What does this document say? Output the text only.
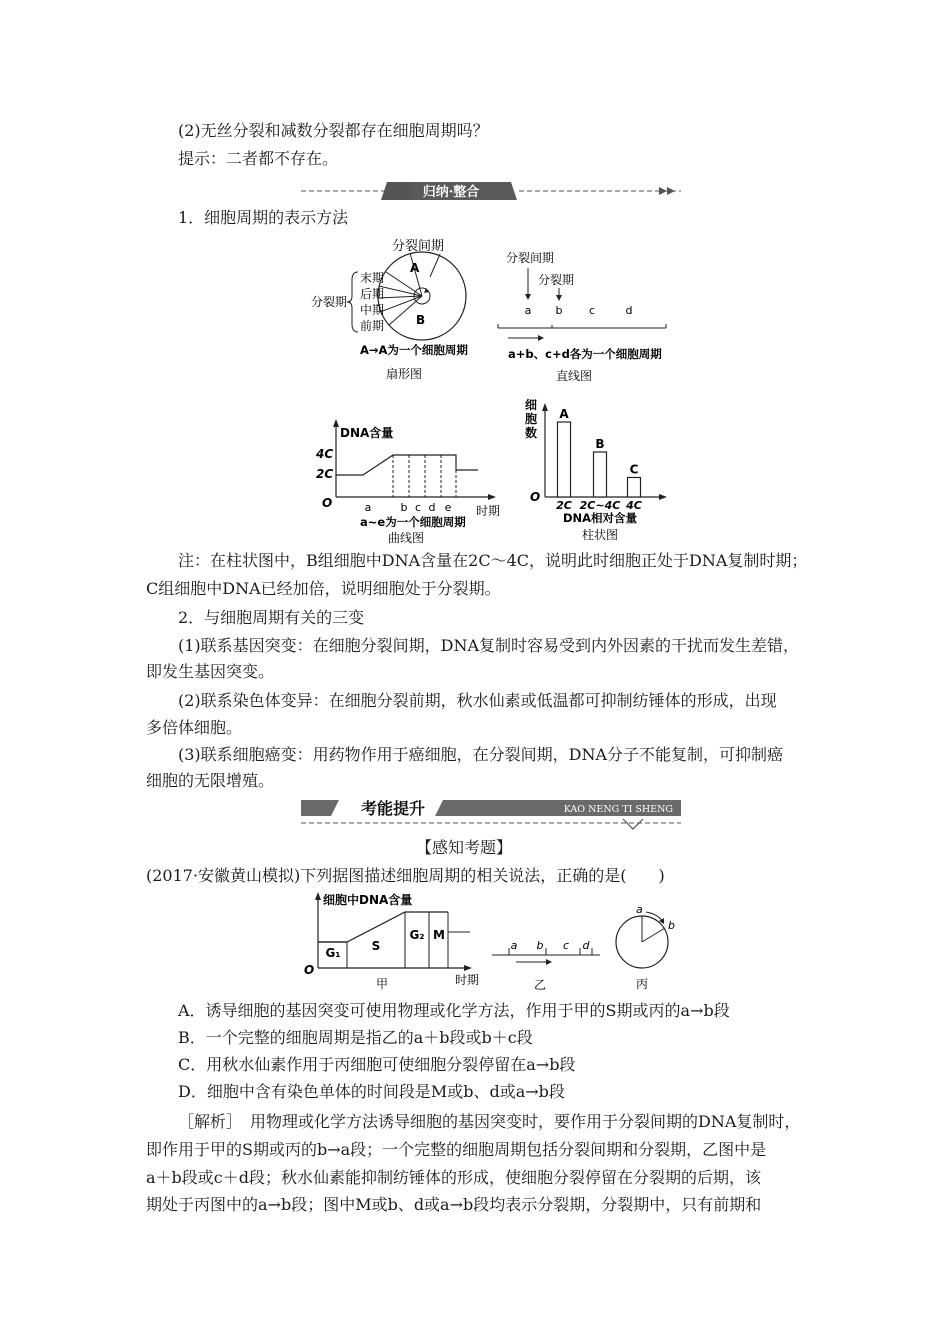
(2)无丝分裂和减数分裂都存在细胞周期吗？
提示：二者都不存在。
归纳·整合
1．细胞周期的表示方法
分裂间期
A
B
末期
后期
中期
前期
分裂期
A→A为一个细胞周期
扇形图
分裂间期
分裂期
a b c	d
a+b、c+d各为一个细胞周期
直线图
DNA含量
4C
2C
O	a	b c d e 时期
a~e为一个细胞周期
曲线图
细
胞
数
O
A
2C
B
2C~4C
C
4C
DNA相对含量
柱状图
注：在柱状图中，B组细胞中DNA含量在2C～4C，说明此时细胞正处于DNA复制时期；
C组细胞中DNA已经加倍，说明细胞处于分裂期。
2．与细胞周期有关的三变
(1)联系基因突变：在细胞分裂间期，DNA复制时容易受到内外因素的干扰而发生差错，
即发生基因突变。
(2)联系染色体变异：在细胞分裂前期，秋水仙素或低温都可抑制纺锤体的形成，出现
多倍体细胞。
(3)联系细胞癌变：用药物作用于癌细胞，在分裂间期，DNA分子不能复制，可抑制癌
细胞的无限增殖。
考能提升	KAO NENG TI SHENG
【感知考题】
(2017·安徽黄山模拟)下列据图描述细胞周期的相关说法，正确的是(　　)
细胞中DNA含量
O
G₁	S
G₂ M
时期
甲
a b c d
乙
a
b
丙
A．诱导细胞的基因突变可使用物理或化学方法，作用于甲的S期或丙的a→b段
B．一个完整的细胞周期是指乙的a＋b段或b＋c段
C．用秋水仙素作用于丙细胞可使细胞分裂停留在a→b段
D．细胞中含有染色单体的时间段是M或b、d或a→b段
［解析］　用物理或化学方法诱导细胞的基因突变时，要作用于分裂间期的DNA复制时，
即作用于甲的S期或丙的b→a段；一个完整的细胞周期包括分裂间期和分裂期，乙图中是
a＋b段或c＋d段；秋水仙素能抑制纺锤体的形成，使细胞分裂停留在分裂期的后期，该
期处于丙图中的a→b段；图中M或b、d或a→b段均表示分裂期，分裂期中，只有前期和
